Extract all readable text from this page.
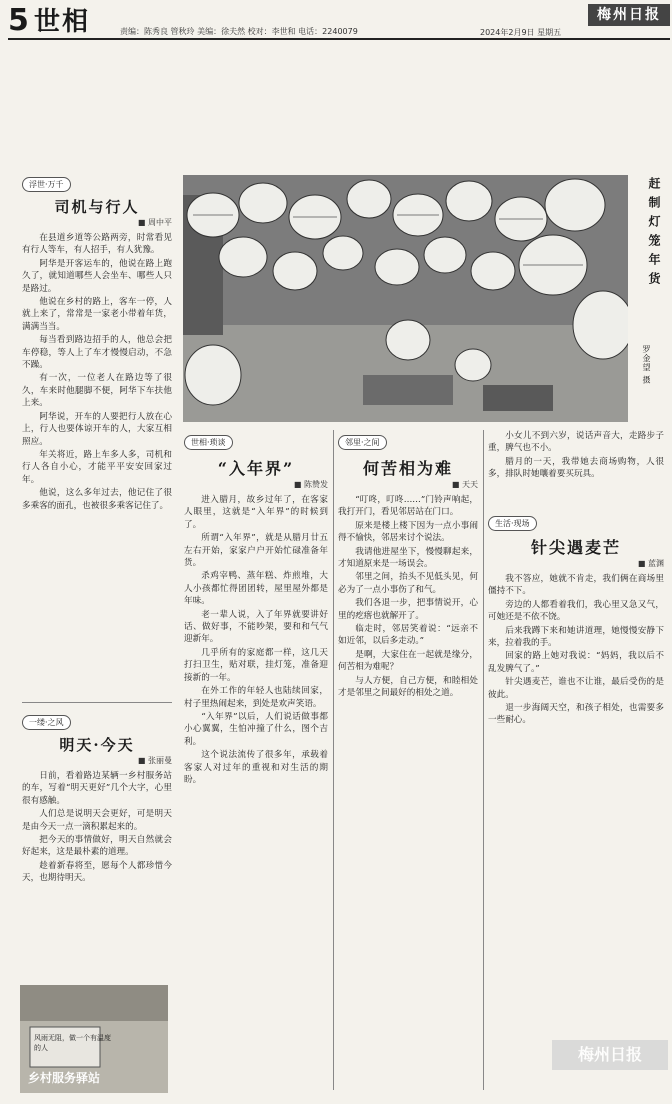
5 世相	责编：陈秀良 管秋玲 美编：徐夫然 校对：李世和 电话：2240079
梅州日报
2024年2月9日 星期五
赶制灯笼年货
罗金望 摄
浮世·万千
司机与行人
■ 周中平

在县道乡道等公路两旁，时常看见有行人等车，有人招手，有人犹豫。

阿华是开客运车的，他说在路上跑久了，就知道哪些人会坐车、哪些人只是路过。

他说在乡村的路上，客车一停，人就上来了，常常是一家老小带着年货，满满当当。

每当看到路边招手的人，他总会把车停稳，等人上了车才慢慢启动，不急不躁。

有一次，一位老人在路边等了很久，车来时他腿脚不便，阿华下车扶他上来。

阿华说，开车的人要把行人放在心上，行人也要体谅开车的人，大家互相照应。

年关将近，路上车多人多，司机和行人各自小心，才能平平安安回家过年。

他说，这么多年过去，他记住了很多乘客的面孔，也被很多乘客记住了。

一缕·之风
明天·今天
■ 张丽曼

日前，看着路边某辆一乡村服务站的车，写着“明天更好”几个大字，心里很有感触。

人们总是说明天会更好，可是明天是由今天一点一滴积累起来的。

把今天的事情做好，明天自然就会好起来，这是最朴素的道理。

趁着新春将至，愿每个人都珍惜今天，也期待明天。

风雨无阻，做一个有温度的人
乡村服务驿站
世相·琐谈
“入年界”
■ 陈赞发

进入腊月，故乡过年了，在客家人眼里，这就是“入年界”的时候到了。

所谓“入年界”，就是从腊月廿五左右开始，家家户户开始忙碌准备年货。

杀鸡宰鸭、蒸年糕、炸煎堆，大人小孩都忙得团团转，屋里屋外都是年味。

老一辈人说，入了年界就要讲好话、做好事，不能吵架，要和和气气迎新年。

几乎所有的家庭都一样，这几天打扫卫生，贴对联，挂灯笼，准备迎接新的一年。

在外工作的年轻人也陆续回家，村子里热闹起来，到处是欢声笑语。

“入年界”以后，人们说话做事都小心翼翼，生怕冲撞了什么，图个吉利。

这个说法流传了很多年，承载着客家人对过年的重视和对生活的期盼。

邻里·之间
何苦相为难
■ 天天

“叮咚，叮咚……”门铃声响起，我打开门，看见邻居站在门口。

原来是楼上楼下因为一点小事闹得不愉快，邻居来讨个说法。

我请他进屋坐下，慢慢聊起来，才知道原来是一场误会。

邻里之间，抬头不见低头见，何必为了一点小事伤了和气。

我们各退一步，把事情说开，心里的疙瘩也就解开了。

临走时，邻居笑着说：“远亲不如近邻，以后多走动。”

是啊，大家住在一起就是缘分，何苦相为难呢？

与人方便，自己方便，和睦相处才是邻里之间最好的相处之道。

小女儿不到六岁，说话声音大，走路步子重，脾气也不小。

腊月的一天，我带她去商场购物，人很多，排队时她嚷着要买玩具。

生活·现场
针尖遇麦芒
■ 蓝渊

我不答应，她就不肯走，我们俩在商场里僵持不下。

旁边的人都看着我们，我心里又急又气，可她还是不依不饶。

后来我蹲下来和她讲道理，她慢慢安静下来，拉着我的手。

回家的路上她对我说：“妈妈，我以后不乱发脾气了。”

针尖遇麦芒，谁也不让谁，最后受伤的是彼此。

退一步海阔天空，和孩子相处，也需要多一些耐心。

梅州日报
